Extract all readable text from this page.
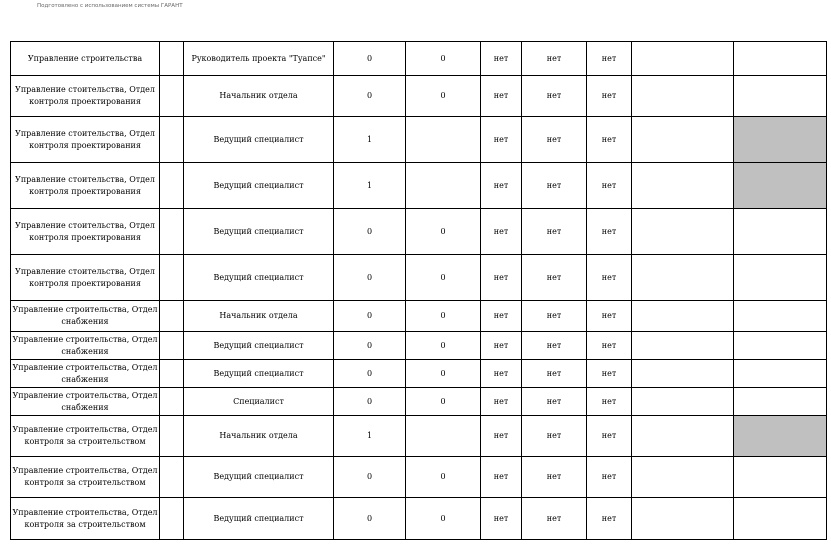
Подготовлено с использованием системы ГАРАНТ
Управление строительства		Руководитель проекта "Туапсе"	0	0	нет	нет	нет		
Управление стоительства, Отдел контроля проектирования		Начальник отдела	0	0	нет	нет	нет		
Управление стоительства, Отдел контроля проектирования		Ведущий специалист	1		нет	нет	нет		
Управление стоительства, Отдел контроля проектирования		Ведущий специалист	1		нет	нет	нет		
Управление стоительства, Отдел контроля проектирования		Ведущий специалист	0	0	нет	нет	нет		
Управление стоительства, Отдел контроля проектирования		Ведущий специалист	0	0	нет	нет	нет		
Управление строительства, Отдел снабжения		Начальник отдела	0	0	нет	нет	нет		
Управление строительства, Отдел снабжения		Ведущий специалист	0	0	нет	нет	нет		
Управление строительства, Отдел снабжения		Ведущий специалист	0	0	нет	нет	нет		
Управление строительства, Отдел снабжения		Специалист	0	0	нет	нет	нет		
Управление строительства, Отдел контроля за строительством		Начальник отдела	1		нет	нет	нет		
Управление строительства, Отдел контроля за строительством		Ведущий специалист	0	0	нет	нет	нет		
Управление строительства, Отдел контроля за строительством		Ведущий специалист	0	0	нет	нет	нет		
